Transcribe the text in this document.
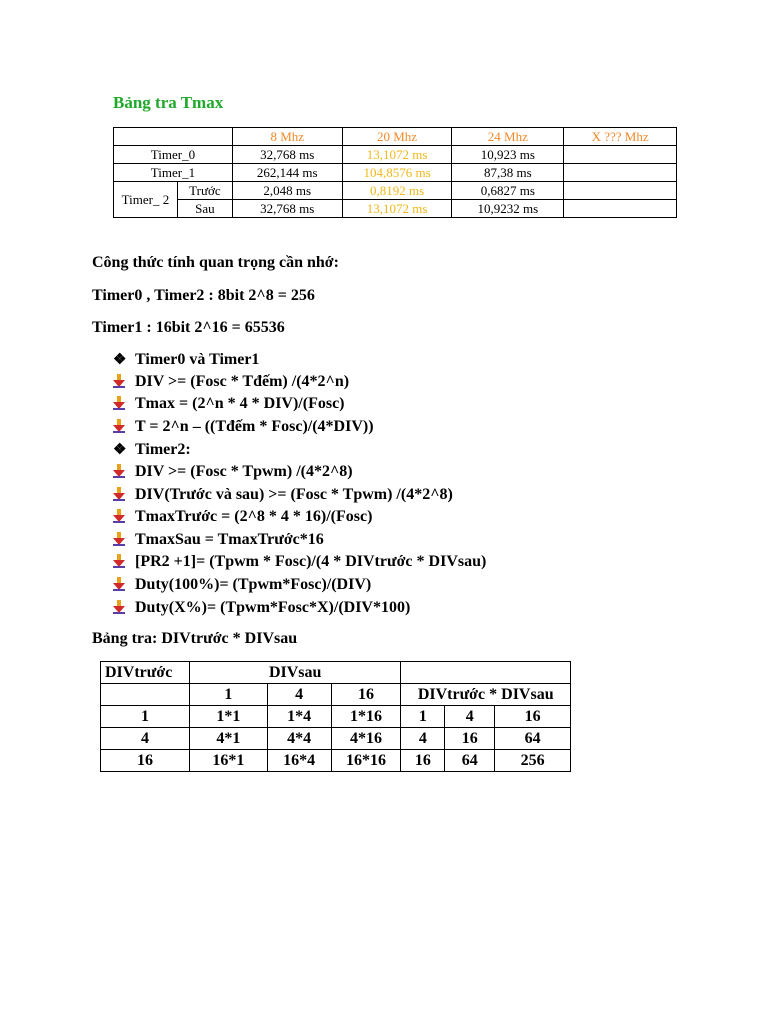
Bảng tra Tmax
		8 Mhz	20 Mhz	24 Mhz	X ??? Mhz
Timer_0		32,768 ms	13,1072 ms	10,923 ms	
Timer_1		262,144 ms	104,8576 ms	87,38 ms	
Timer_ 2	Trước	2,048 ms	0,8192 ms	0,6827 ms	
	Sau	32,768 ms	13,1072 ms	10,9232 ms	
Công thức tính quan trọng cần nhớ:
Timer0 , Timer2 : 8bit 2^8 = 256
Timer1 : 16bit 2^16 = 65536
❖ Timer0 và Timer1
DIV >= (Fosc * Tđếm) /(4*2^n)
Tmax = (2^n * 4 * DIV)/(Fosc)
T = 2^n – ((Tđếm * Fosc)/(4*DIV))
❖ Timer2:
DIV >= (Fosc * Tpwm) /(4*2^8)
DIV(Trước và sau) >= (Fosc * Tpwm) /(4*2^8)
TmaxTrước = (2^8 * 4 * 16)/(Fosc)
TmaxSau = TmaxTrước*16
[PR2 +1]= (Tpwm * Fosc)/(4 * DIVtrước * DIVsau)
Duty(100%)= (Tpwm*Fosc)/(DIV)
Duty(X%)= (Tpwm*Fosc*X)/(DIV*100)
Bảng tra: DIVtrước * DIVsau
DIVtrước	DIVsau					
	1	4	16	DIVtrước * DIVsau		
1	1*1	1*4	1*16	1	4	16
4	4*1	4*4	4*16	4	16	64
16	16*1	16*4	16*16	16	64	256
